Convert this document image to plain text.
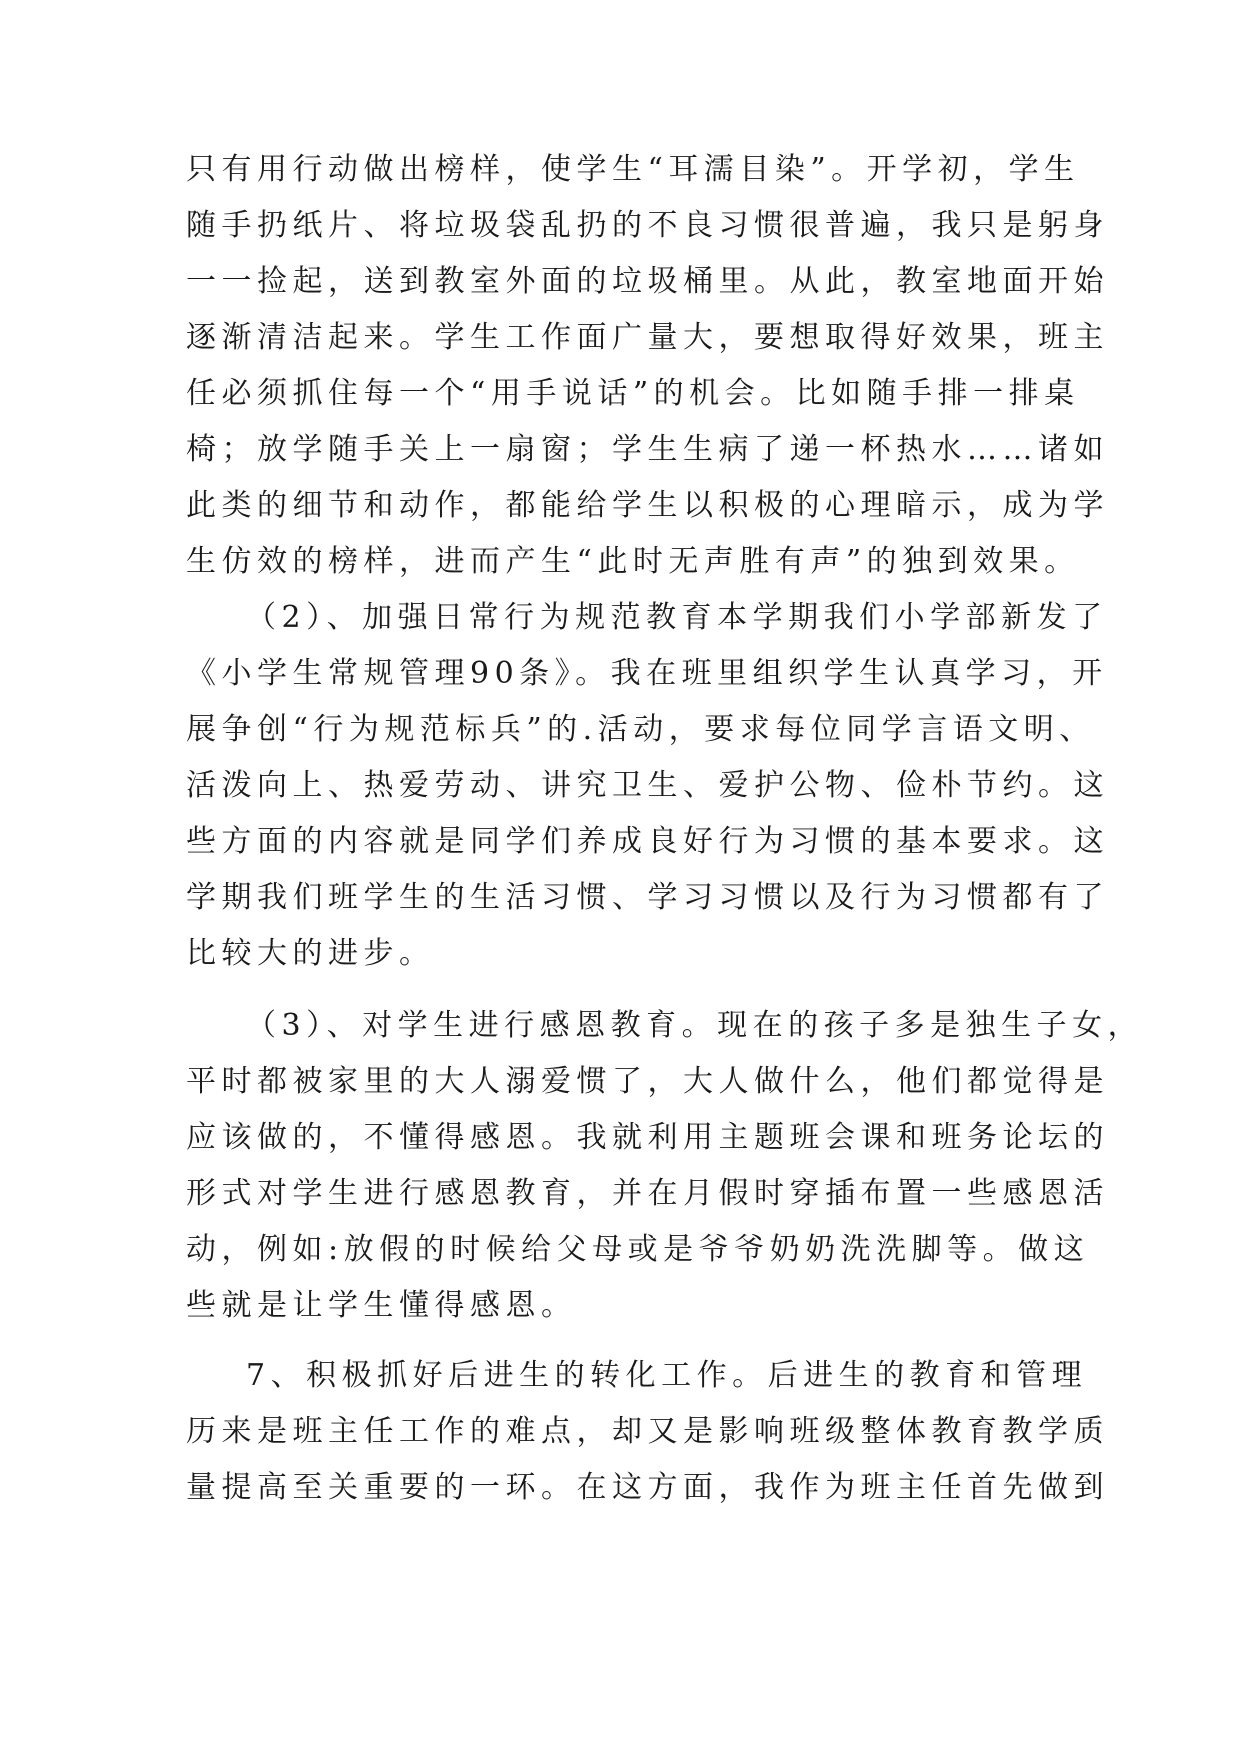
只有用行动做出榜样，使学生“耳濡目染”。开学初，学生
随手扔纸片、将垃圾袋乱扔的不良习惯很普遍，我只是躬身
一一捡起，送到教室外面的垃圾桶里。从此，教室地面开始
逐渐清洁起来。学生工作面广量大，要想取得好效果，班主
任必须抓住每一个“用手说话”的机会。比如随手排一排桌
椅；放学随手关上一扇窗；学生生病了递一杯热水……诸如
此类的细节和动作，都能给学生以积极的心理暗示，成为学
生仿效的榜样，进而产生“此时无声胜有声”的独到效果。
（2）、加强日常行为规范教育本学期我们小学部新发了
《小学生常规管理90条》。我在班里组织学生认真学习，开
展争创“行为规范标兵”的.活动，要求每位同学言语文明、
活泼向上、热爱劳动、讲究卫生、爱护公物、俭朴节约。这
些方面的内容就是同学们养成良好行为习惯的基本要求。这
学期我们班学生的生活习惯、学习习惯以及行为习惯都有了
比较大的进步。
（3）、对学生进行感恩教育。现在的孩子多是独生子女，
平时都被家里的大人溺爱惯了，大人做什么，他们都觉得是
应该做的，不懂得感恩。我就利用主题班会课和班务论坛的
形式对学生进行感恩教育，并在月假时穿插布置一些感恩活
动，例如:放假的时候给父母或是爷爷奶奶洗洗脚等。做这
些就是让学生懂得感恩。
7、积极抓好后进生的转化工作。后进生的教育和管理
历来是班主任工作的难点，却又是影响班级整体教育教学质
量提高至关重要的一环。在这方面，我作为班主任首先做到
